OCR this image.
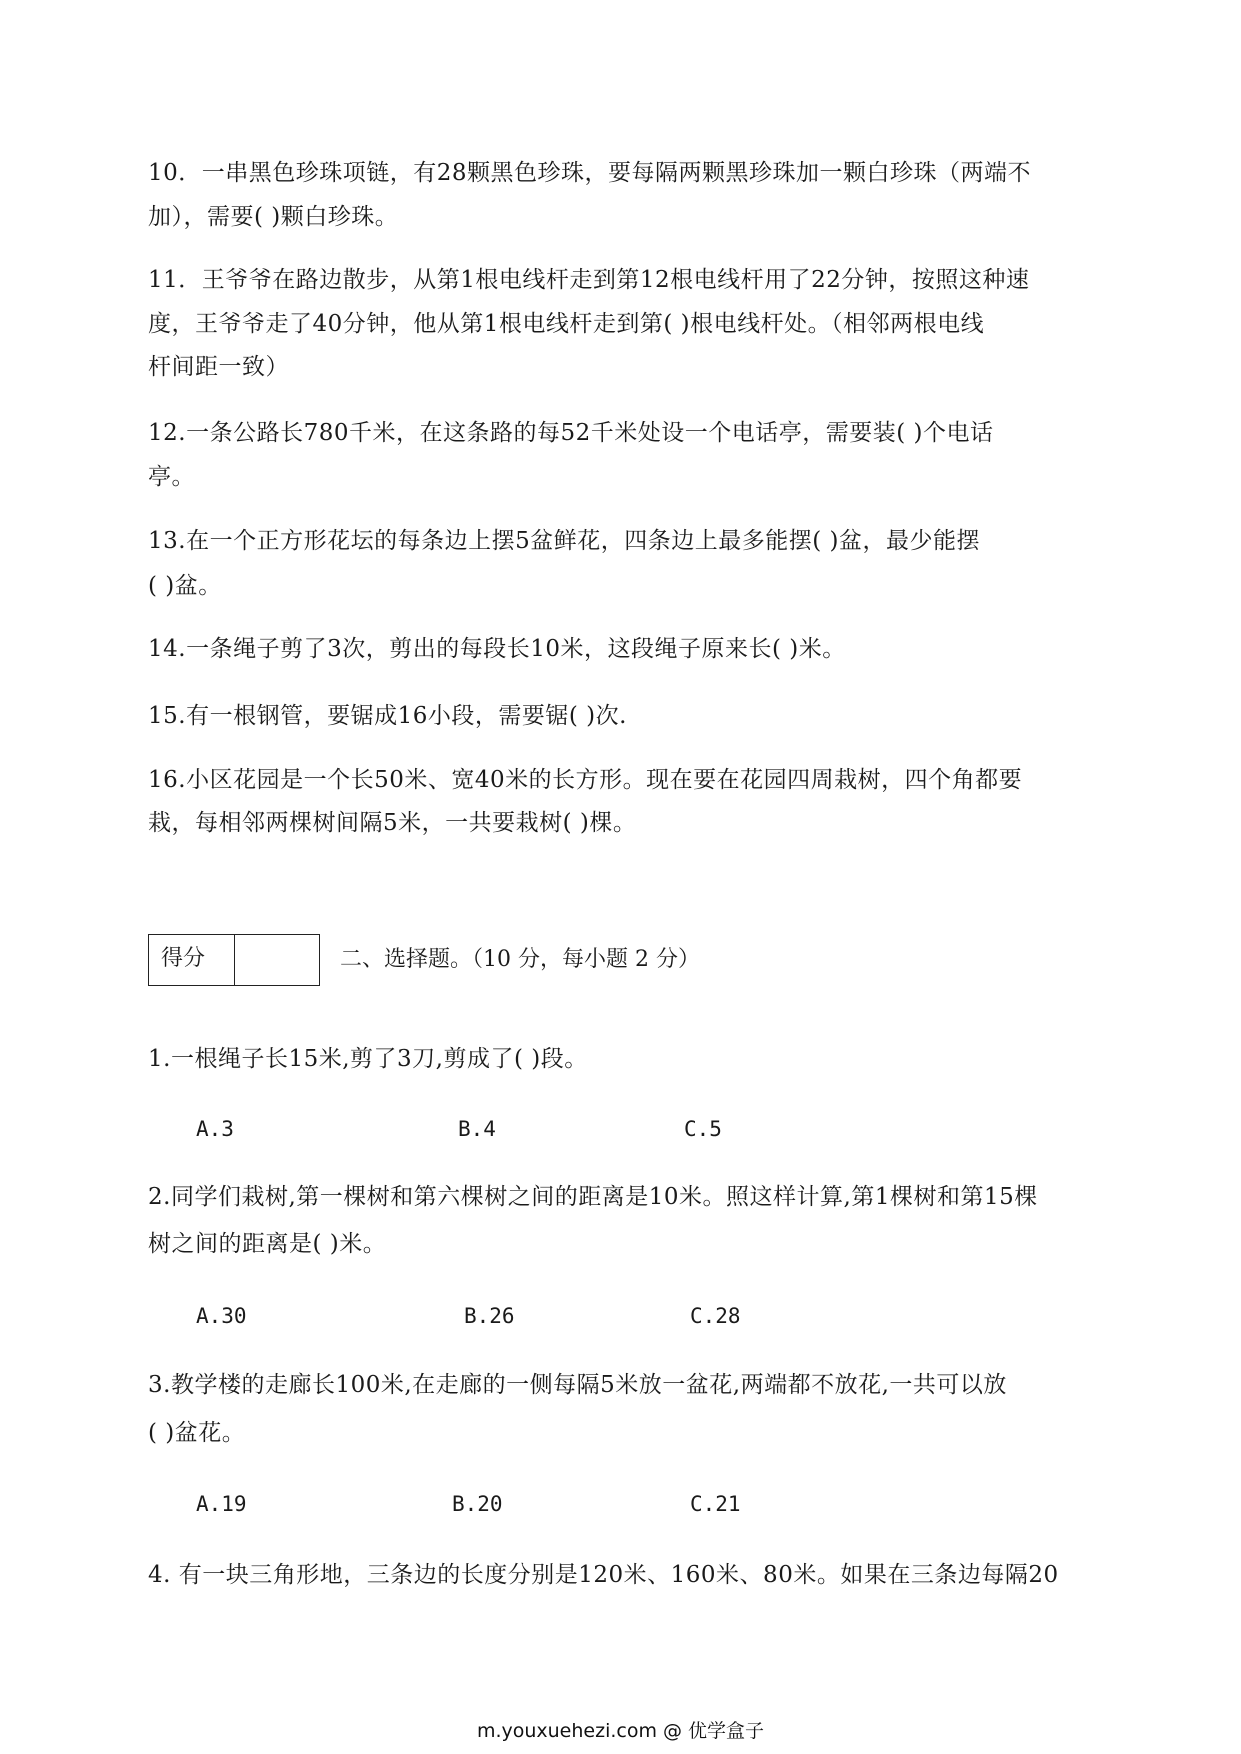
10．一串黑色珍珠项链，有28颗黑色珍珠，要每隔两颗黑珍珠加一颗白珍珠（两端不
加），需要( )颗白珍珠。
11．王爷爷在路边散步，从第1根电线杆走到第12根电线杆用了22分钟，按照这种速
度，王爷爷走了40分钟，他从第1根电线杆走到第( )根电线杆处。（相邻两根电线
杆间距一致）
12.一条公路长780千米，在这条路的每52千米处设一个电话亭，需要装( )个电话
亭。
13.在一个正方形花坛的每条边上摆5盆鲜花，四条边上最多能摆( )盆，最少能摆
( )盆。
14.一条绳子剪了3次，剪出的每段长10米，这段绳子原来长( )米。
15.有一根钢管，要锯成16小段，需要锯( )次.
16.小区花园是一个长50米、宽40米的长方形。现在要在花园四周栽树，四个角都要
栽，每相邻两棵树间隔5米，一共要栽树( )棵。
得分	二、选择题。（10 分，每小题 2 分）
1.一根绳子长15米,剪了3刀,剪成了( )段。
A.3	B.4	C.5
2.同学们栽树,第一棵树和第六棵树之间的距离是10米。照这样计算,第1棵树和第15棵
树之间的距离是( )米。
A.30	B.26	C.28
3.教学楼的走廊长100米,在走廊的一侧每隔5米放一盆花,两端都不放花,一共可以放
( )盆花。
A.19	B.20	C.21
4. 有一块三角形地，三条边的长度分别是120米、160米、80米。如果在三条边每隔20
m.youxuehezi.com @ 优学盒子
